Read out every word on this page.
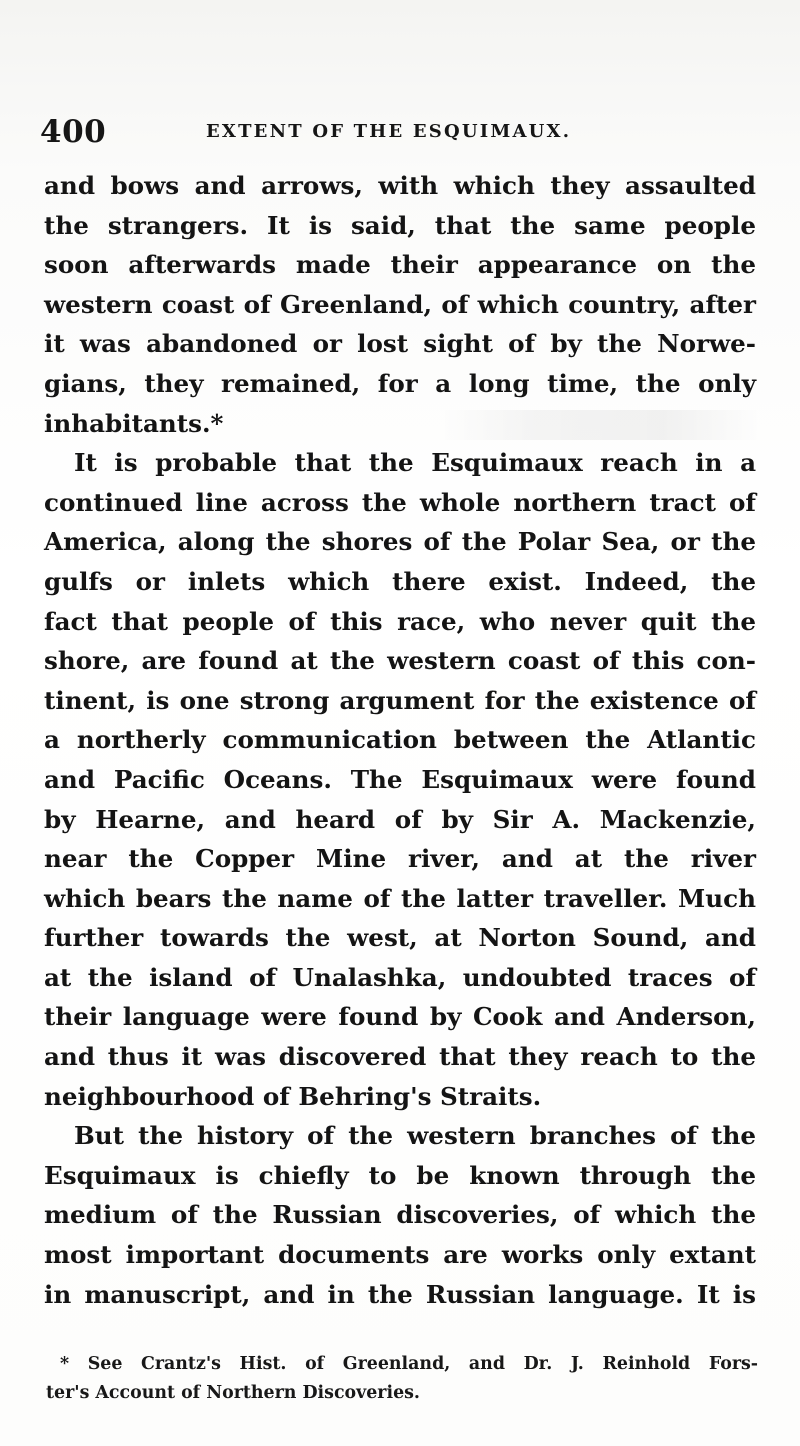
400	EXTENT OF THE ESQUIMAUX.
and bows and arrows, with which they assaulted
the strangers. It is said, that the same people
soon afterwards made their appearance on the
western coast of Greenland, of which country, after
it was abandoned or lost sight of by the Norwe-
gians, they remained, for a long time, the only
inhabitants.*
It is probable that the Esquimaux reach in a
continued line across the whole northern tract of
America, along the shores of the Polar Sea, or the
gulfs or inlets which there exist. Indeed, the
fact that people of this race, who never quit the
shore, are found at the western coast of this con-
tinent, is one strong argument for the existence of
a northerly communication between the Atlantic
and Pacific Oceans. The Esquimaux were found
by Hearne, and heard of by Sir A. Mackenzie,
near the Copper Mine river, and at the river
which bears the name of the latter traveller. Much
further towards the west, at Norton Sound, and
at the island of Unalashka, undoubted traces of
their language were found by Cook and Anderson,
and thus it was discovered that they reach to the
neighbourhood of Behring's Straits.
But the history of the western branches of the
Esquimaux is chiefly to be known through the
medium of the Russian discoveries, of which the
most important documents are works only extant
in manuscript, and in the Russian language. It is
* See Crantz's Hist. of Greenland, and Dr. J. Reinhold Fors-
ter's Account of Northern Discoveries.
